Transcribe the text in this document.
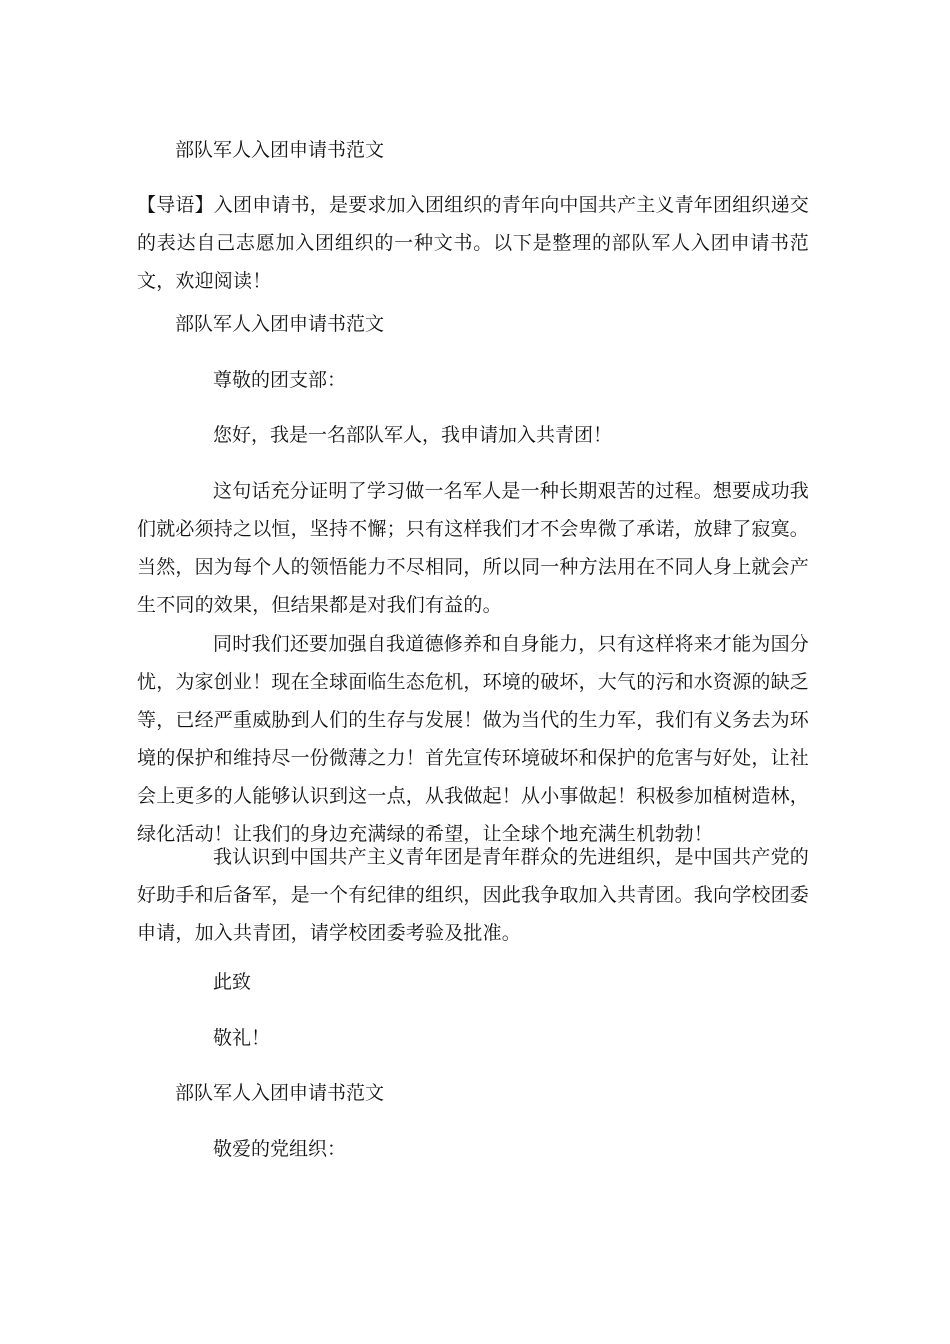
部队军人入团申请书范文

【导语】入团申请书，是要求加入团组织的青年向中国共产主义青年团组织递交的表达自己志愿加入团组织的一种文书。以下是整理的部队军人入团申请书范文，欢迎阅读！

部队军人入团申请书范文

尊敬的团支部：

您好，我是一名部队军人，我申请加入共青团！

这句话充分证明了学习做一名军人是一种长期艰苦的过程。想要成功我们就必须持之以恒，坚持不懈；只有这样我们才不会卑微了承诺，放肆了寂寞。当然，因为每个人的领悟能力不尽相同，所以同一种方法用在不同人身上就会产生不同的效果，但结果都是对我们有益的。

同时我们还要加强自我道德修养和自身能力，只有这样将来才能为国分忧，为家创业！现在全球面临生态危机，环境的破坏，大气的污和水资源的缺乏等，已经严重威胁到人们的生存与发展！做为当代的生力军，我们有义务去为环境的保护和维持尽一份微薄之力！首先宣传环境破坏和保护的危害与好处，让社会上更多的人能够认识到这一点，从我做起！从小事做起！积极参加植树造林，绿化活动！让我们的身边充满绿的希望，让全球个地充满生机勃勃！

我认识到中国共产主义青年团是青年群众的先进组织，是中国共产党的好助手和后备军，是一个有纪律的组织，因此我争取加入共青团。我向学校团委申请，加入共青团，请学校团委考验及批准。

此致

敬礼！

部队军人入团申请书范文

敬爱的党组织：
